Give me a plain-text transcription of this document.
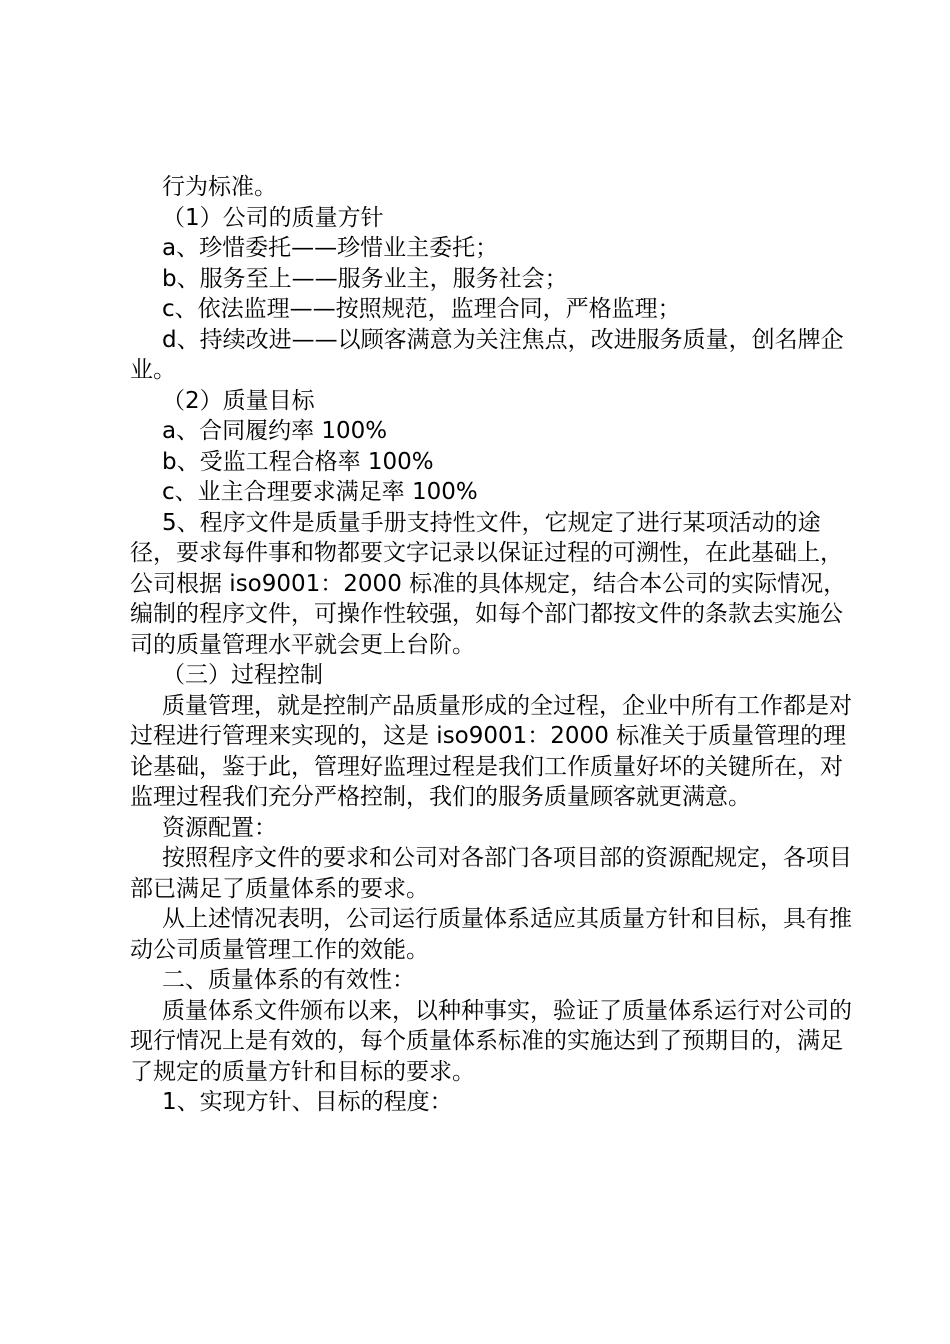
行为标准。

（1）公司的质量方针

a、珍惜委托——珍惜业主委托；

b、服务至上——服务业主，服务社会；

c、依法监理——按照规范，监理合同，严格监理；

d、持续改进——以顾客满意为关注焦点，改进服务质量，创名牌企业。

（2）质量目标

a、合同履约率 100%

b、受监工程合格率 100%

c、业主合理要求满足率 100%

5、程序文件是质量手册支持性文件，它规定了进行某项活动的途径，要求每件事和物都要文字记录以保证过程的可溯性，在此基础上，公司根据 iso9001：2000 标准的具体规定，结合本公司的实际情况，编制的程序文件，可操作性较强，如每个部门都按文件的条款去实施公司的质量管理水平就会更上台阶。

（三）过程控制

质量管理，就是控制产品质量形成的全过程，企业中所有工作都是对过程进行管理来实现的，这是 iso9001：2000 标准关于质量管理的理论基础，鉴于此，管理好监理过程是我们工作质量好坏的关键所在，对监理过程我们充分严格控制，我们的服务质量顾客就更满意。

资源配置：

按照程序文件的要求和公司对各部门各项目部的资源配规定，各项目部已满足了质量体系的要求。

从上述情况表明，公司运行质量体系适应其质量方针和目标，具有推动公司质量管理工作的效能。

二、质量体系的有效性：

质量体系文件颁布以来，以种种事实，验证了质量体系运行对公司的现行情况上是有效的，每个质量体系标准的实施达到了预期目的，满足了规定的质量方针和目标的要求。

1、实现方针、目标的程度：
